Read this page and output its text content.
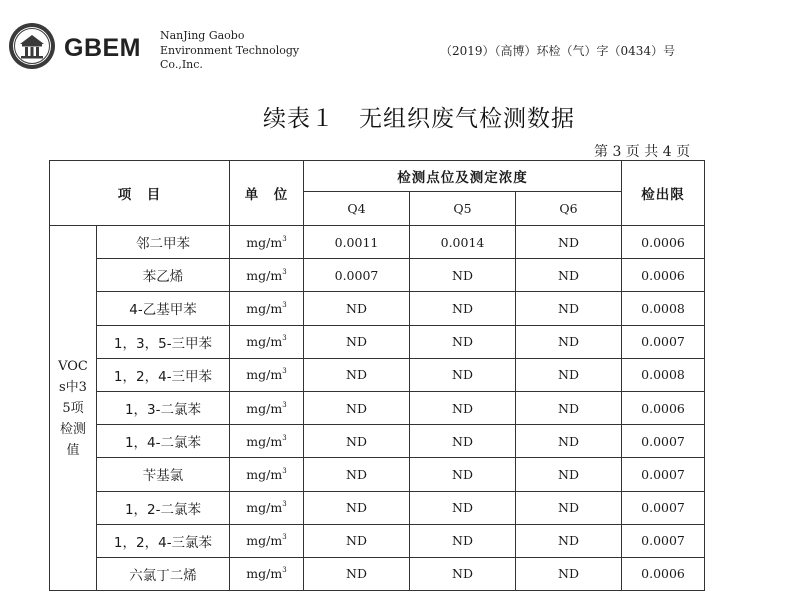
GBEM NanJing Gaobo
Environment Technology
Co.,Inc.
（2019）（高博）环检（气）字（0434）号
续表１　无组织废气检测数据
第 3 页 共 4 页
项　目		单　位	检测点位及测定浓度			检出限
			Q4	Q5	Q6	

VOCs中35项检测值	邻二甲苯	$mg/m^3$	0.0011	0.0014	ND	0.0006
	苯乙烯	$mg/m^3$	0.0007	ND	ND	0.0006
	4-乙基甲苯	$mg/m^3$	ND	ND	ND	0.0008
	1，3，5-三甲苯	$mg/m^3$	ND	ND	ND	0.0007
	1，2，4-三甲苯	$mg/m^3$	ND	ND	ND	0.0008
	1，3-二氯苯	$mg/m^3$	ND	ND	ND	0.0006
	1，4-二氯苯	$mg/m^3$	ND	ND	ND	0.0007
	苄基氯	$mg/m^3$	ND	ND	ND	0.0007
	1，2-二氯苯	$mg/m^3$	ND	ND	ND	0.0007
	1，2，4-三氯苯	$mg/m^3$	ND	ND	ND	0.0007
	六氯丁二烯	$mg/m^3$	ND	ND	ND	0.0006
